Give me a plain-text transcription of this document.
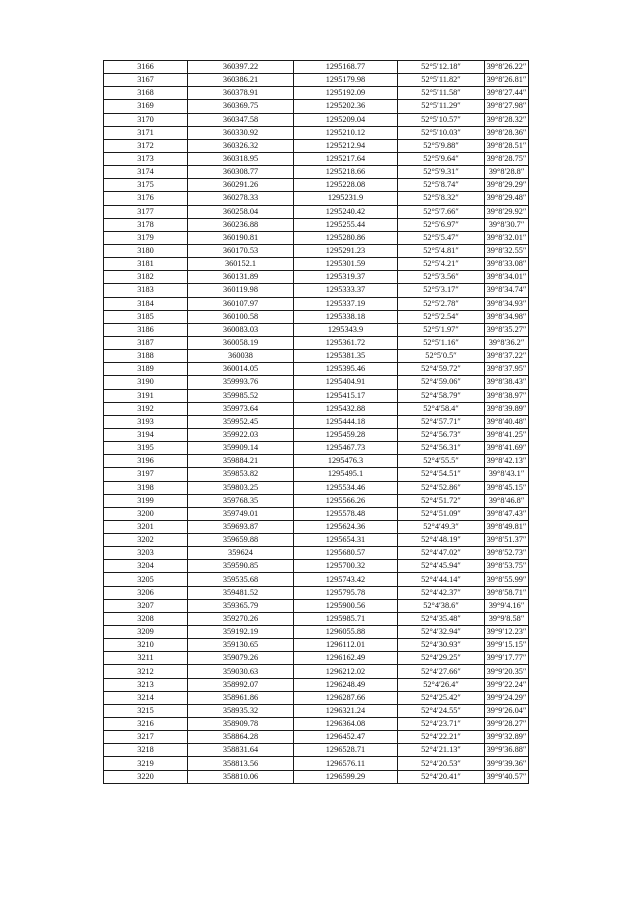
3166	360397.22	1295168.77	52°5′12.18″	39°8′26.22″
3167	360386.21	1295179.98	52°5′11.82″	39°8′26.81″
3168	360378.91	1295192.09	52°5′11.58″	39°8′27.44″
3169	360369.75	1295202.36	52°5′11.29″	39°8′27.98″
3170	360347.58	1295209.04	52°5′10.57″	39°8′28.32″
3171	360330.92	1295210.12	52°5′10.03″	39°8′28.36″
3172	360326.32	1295212.94	52°5′9.88″	39°8′28.51″
3173	360318.95	1295217.64	52°5′9.64″	39°8′28.75″
3174	360308.77	1295218.66	52°5′9.31″	39°8′28.8″
3175	360291.26	1295228.08	52°5′8.74″	39°8′29.29″
3176	360278.33	1295231.9	52°5′8.32″	39°8′29.48″
3177	360258.04	1295240.42	52°5′7.66″	39°8′29.92″
3178	360236.88	1295255.44	52°5′6.97″	39°8′30.7″
3179	360190.81	1295280.86	52°5′5.47″	39°8′32.01″
3180	360170.53	1295291.23	52°5′4.81″	39°8′32.55″
3181	360152.1	1295301.59	52°5′4.21″	39°8′33.08″
3182	360131.89	1295319.37	52°5′3.56″	39°8′34.01″
3183	360119.98	1295333.37	52°5′3.17″	39°8′34.74″
3184	360107.97	1295337.19	52°5′2.78″	39°8′34.93″
3185	360100.58	1295338.18	52°5′2.54″	39°8′34.98″
3186	360083.03	1295343.9	52°5′1.97″	39°8′35.27″
3187	360058.19	1295361.72	52°5′1.16″	39°8′36.2″
3188	360038	1295381.35	52°5′0.5″	39°8′37.22″
3189	360014.05	1295395.46	52°4′59.72″	39°8′37.95″
3190	359993.76	1295404.91	52°4′59.06″	39°8′38.43″
3191	359985.52	1295415.17	52°4′58.79″	39°8′38.97″
3192	359973.64	1295432.88	52°4′58.4″	39°8′39.89″
3193	359952.45	1295444.18	52°4′57.71″	39°8′40.48″
3194	359922.03	1295459.28	52°4′56.73″	39°8′41.25″
3195	359909.14	1295467.73	52°4′56.31″	39°8′41.69″
3196	359884.21	1295476.3	52°4′55.5″	39°8′42.13″
3197	359853.82	1295495.1	52°4′54.51″	39°8′43.1″
3198	359803.25	1295534.46	52°4′52.86″	39°8′45.15″
3199	359768.35	1295566.26	52°4′51.72″	39°8′46.8″
3200	359749.01	1295578.48	52°4′51.09″	39°8′47.43″
3201	359693.87	1295624.36	52°4′49.3″	39°8′49.81″
3202	359659.88	1295654.31	52°4′48.19″	39°8′51.37″
3203	359624	1295680.57	52°4′47.02″	39°8′52.73″
3204	359590.85	1295700.32	52°4′45.94″	39°8′53.75″
3205	359535.68	1295743.42	52°4′44.14″	39°8′55.99″
3206	359481.52	1295795.78	52°4′42.37″	39°8′58.71″
3207	359365.79	1295900.56	52°4′38.6″	39°9′4.16″
3208	359270.26	1295985.71	52°4′35.48″	39°9′8.58″
3209	359192.19	1296055.88	52°4′32.94″	39°9′12.23″
3210	359130.65	1296112.01	52°4′30.93″	39°9′15.15″
3211	359079.26	1296162.49	52°4′29.25″	39°9′17.77″
3212	359030.63	1296212.02	52°4′27.66″	39°9′20.35″
3213	358992.07	1296248.49	52°4′26.4″	39°9′22.24″
3214	358961.86	1296287.66	52°4′25.42″	39°9′24.29″
3215	358935.32	1296321.24	52°4′24.55″	39°9′26.04″
3216	358909.78	1296364.08	52°4′23.71″	39°9′28.27″
3217	358864.28	1296452.47	52°4′22.21″	39°9′32.89″
3218	358831.64	1296528.71	52°4′21.13″	39°9′36.88″
3219	358813.56	1296576.11	52°4′20.53″	39°9′39.36″
3220	358810.06	1296599.29	52°4′20.41″	39°9′40.57″
